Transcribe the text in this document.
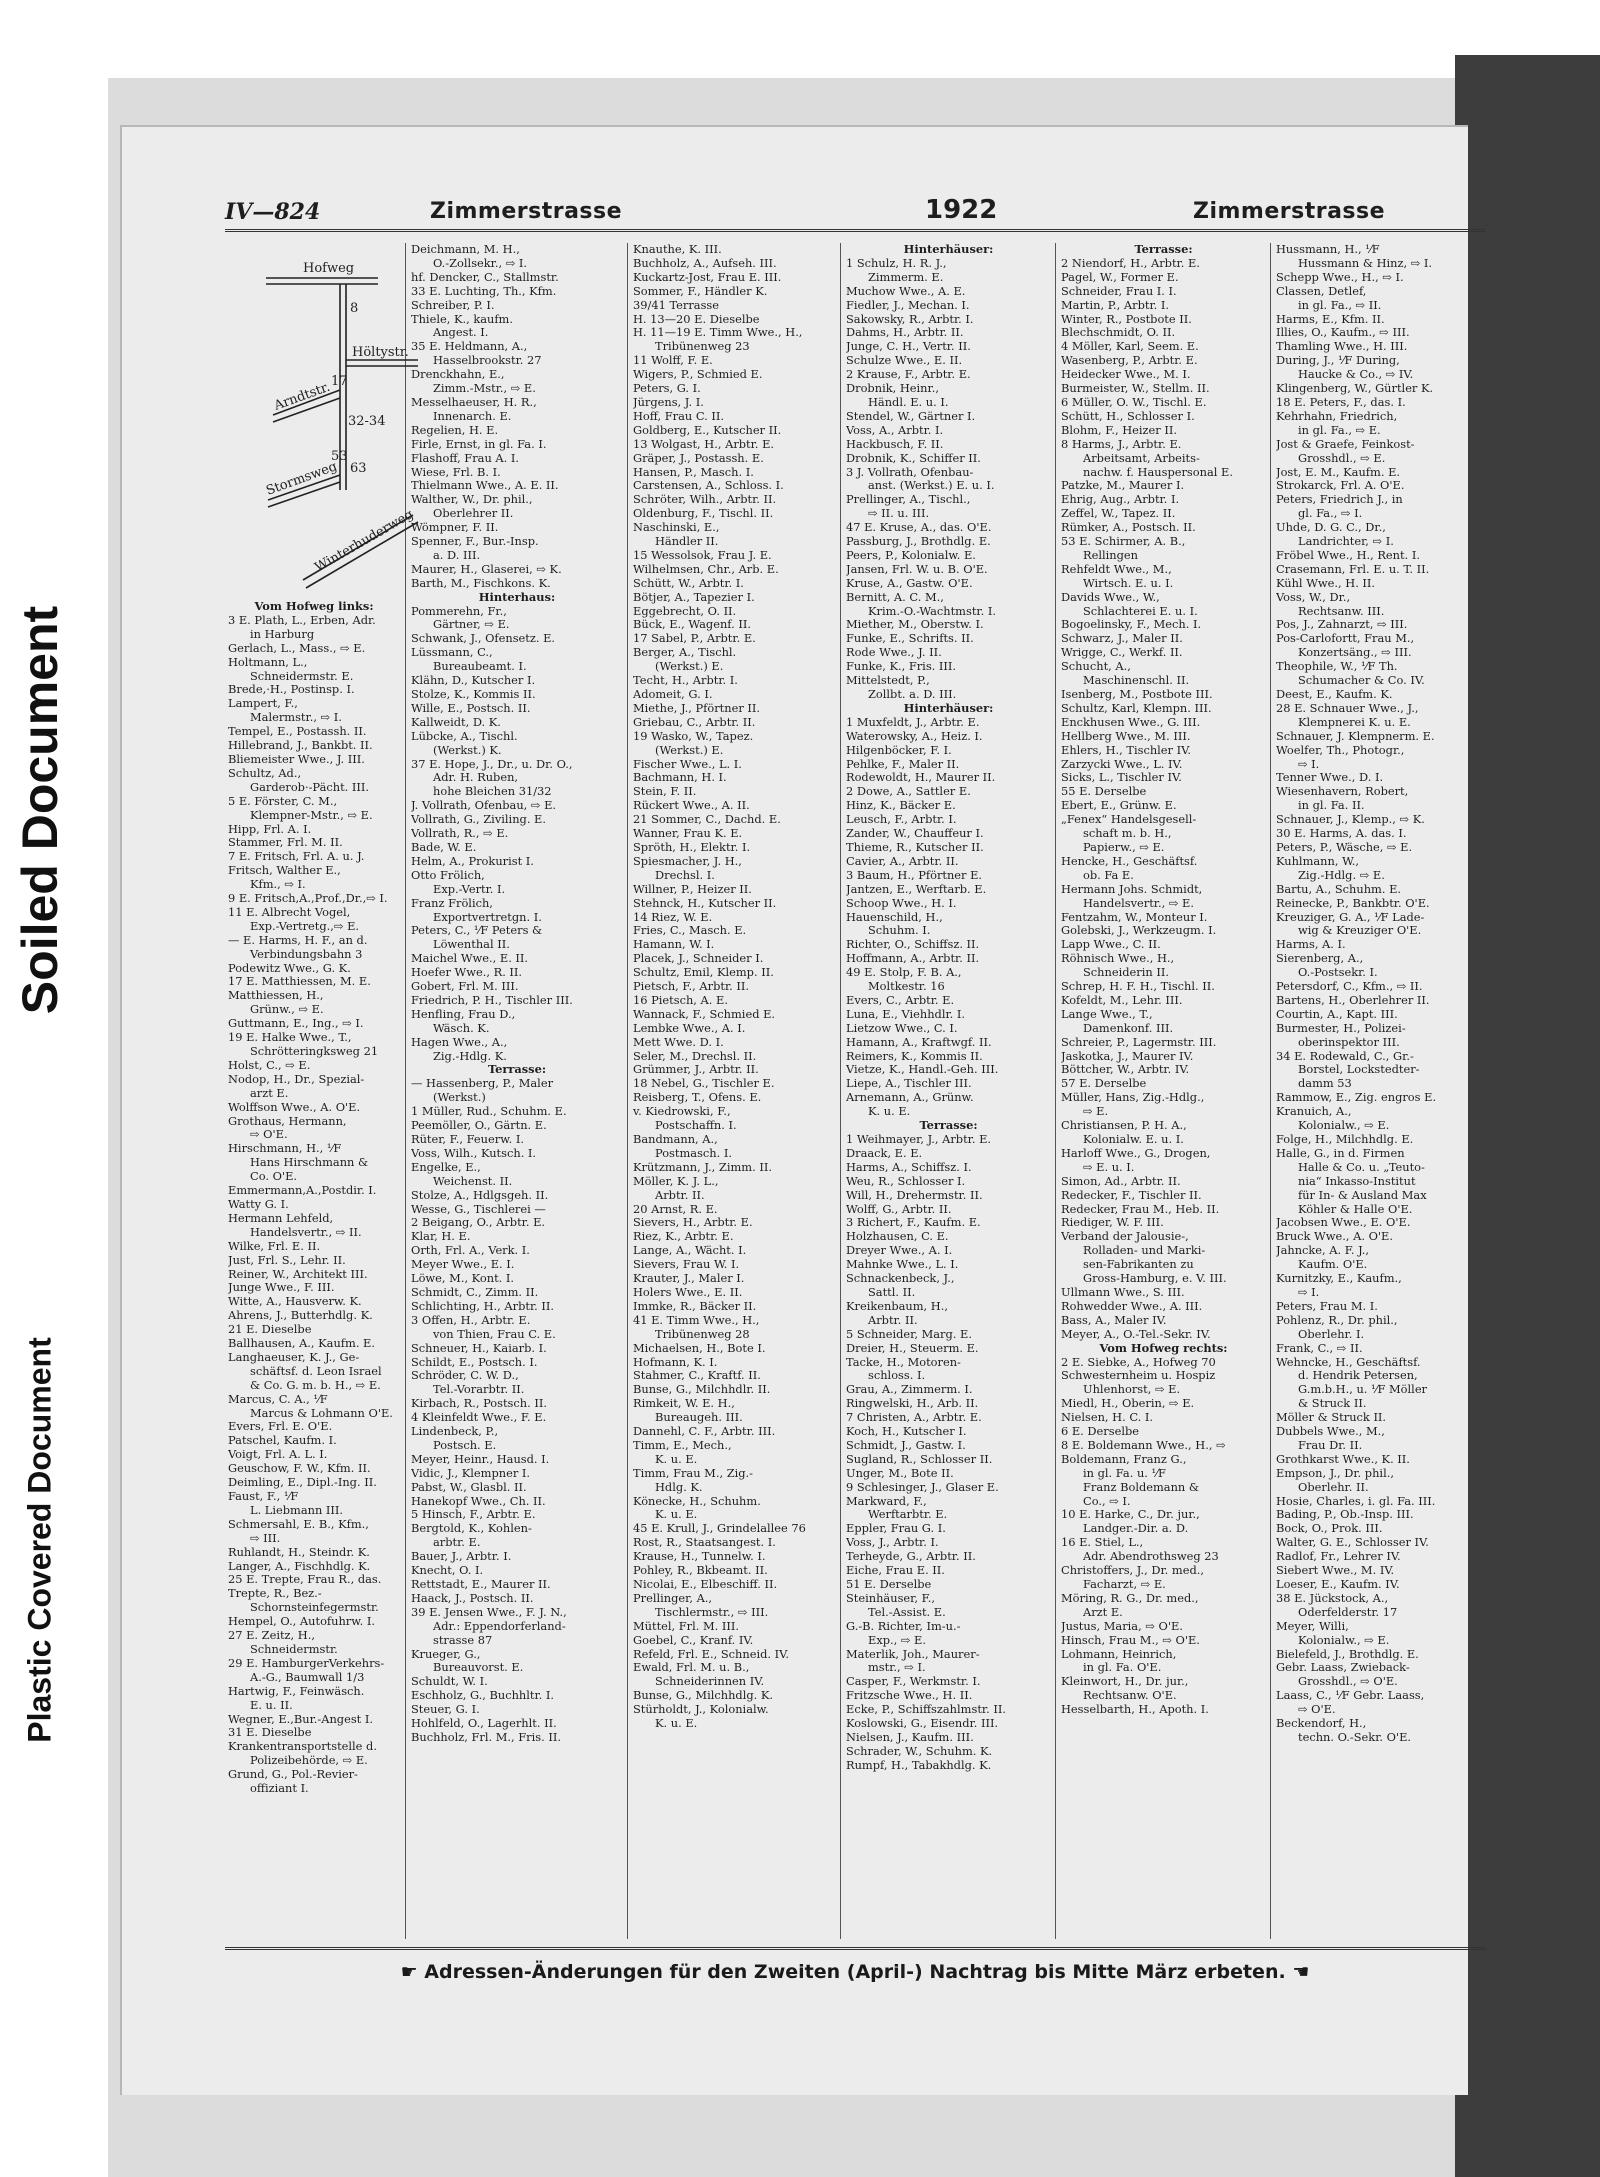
Soiled Document
Plastic Covered Document
IV—824	Zimmerstrasse	1922	Zimmerstrasse
Hofweg
Höltystr.
Arndtstr.
Stormsweg
Winterhuderweg
8
17
32-34
53
63
Vom Hofweg links:
3 E. Plath, L., Erben, Adr.
in Harburg
Gerlach, L., Mass., ⇨ E.
Holtmann, L.,
Schneidermstr. E.
Brede,·H., Postinsp. I.
Lampert, F.,
Malermstr., ⇨ I.
Tempel, E., Postassh. II.
Hillebrand, J., Bankbt. II.
Bliemeister Wwe., J. III.
Schultz, Ad.,
Garderob·-Pächt. III.
5 E. Förster, C. M.,
Klempner-Mstr., ⇨ E.
Hipp, Frl. A. I.
Stammer, Frl. M. II.
7 E. Fritsch, Frl. A. u. J.
Fritsch, Walther E.,
Kfm., ⇨ I.
9 E. Fritsch,A.,Prof.,Dr.,⇨ I.
11 E. Albrecht Vogel,
Exp.-Vertretg.,⇨ E.
— E. Harms, H. F., an d.
Verbindungsbahn 3
Podewitz Wwe., G. K.
17 E. Matthiessen, M. E.
Matthiessen, H.,
Grünw., ⇨ E.
Guttmann, E., Ing., ⇨ I.
19 E. Halke Wwe., T.,
Schrötteringksweg 21
Holst, C., ⇨ E.
Nodop, H., Dr., Spezial-
arzt E.
Wolffson Wwe., A. O'E.
Grothaus, Hermann,
⇨ O'E.
Hirschmann, H., ⅟F
Hans Hirschmann &
Co. O'E.
Emmermann,A.,Postdir. I.
Watty G. I.
Hermann Lehfeld,
Handelsvertr., ⇨ II.
Wilke, Frl. E. II.
Just, Frl. S., Lehr. II.
Reiner, W., Architekt III.
Junge Wwe., F. III.
Witte, A., Hausverw. K.
Ahrens, J., Butterhdlg. K.
21 E. Dieselbe
Ballhausen, A., Kaufm. E.
Langhaeuser, K. J., Ge-
schäftsf. d. Leon Israel
& Co. G. m. b. H., ⇨ E.
Marcus, C. A., ⅟F
Marcus & Lohmann O'E.
Evers, Frl. E. O'E.
Patschel, Kaufm. I.
Voigt, Frl. A. L. I.
Geuschow, F. W., Kfm. II.
Deimling, E., Dipl.-Ing. II.
Faust, F., ⅟F
L. Liebmann III.
Schmersahl, E. B., Kfm.,
⇨ III.
Ruhlandt, H., Steindr. K.
Langer, A., Fischhdlg. K.
25 E. Trepte, Frau R., das.
Trepte, R., Bez.-
Schornsteinfegermstr.
Hempel, O., Autofuhrw. I.
27 E. Zeitz, H.,
Schneidermstr.
29 E. HamburgerVerkehrs-
A.-G., Baumwall 1/3
Hartwig, F., Feinwäsch.
E. u. II.
Wegner, E.,Bur.-Angest I.
31 E. Dieselbe
Krankentransportstelle d.
Polizeibehörde, ⇨ E.
Grund, G., Pol.-Revier-
offiziant I.
Deichmann, M. H.,
O.-Zollsekr., ⇨ I.
hf. Dencker, C., Stallmstr.
33 E. Luchting, Th., Kfm.
Schreiber, P. I.
Thiele, K., kaufm.
Angest. I.
35 E. Heldmann, A.,
Hasselbrookstr. 27
Drenckhahn, E.,
Zimm.-Mstr., ⇨ E.
Messelhaeuser, H. R.,
Innenarch. E.
Regelien, H. E.
Firle, Ernst, in gl. Fa. I.
Flashoff, Frau A. I.
Wiese, Frl. B. I.
Thielmann Wwe., A. E. II.
Walther, W., Dr. phil.,
Oberlehrer II.
Wömpner, F. II.
Spenner, F., Bur.-Insp.
a. D. III.
Maurer, H., Glaserei, ⇨ K.
Barth, M., Fischkons. K.
Hinterhaus:
Pommerehn, Fr.,
Gärtner, ⇨ E.
Schwank, J., Ofensetz. E.
Lüssmann, C.,
Bureaubeamt. I.
Klähn, D., Kutscher I.
Stolze, K., Kommis II.
Wille, E., Postsch. II.
Kallweidt, D. K.
Lübcke, A., Tischl.
(Werkst.) K.
37 E. Hope, J., Dr., u. Dr. O.,
Adr. H. Ruben,
hohe Bleichen 31/32
J. Vollrath, Ofenbau, ⇨ E.
Vollrath, G., Ziviling. E.
Vollrath, R., ⇨ E.
Bade, W. E.
Helm, A., Prokurist I.
Otto Frölich,
Exp.-Vertr. I.
Franz Frölich,
Exportvertretgn. I.
Peters, C., ⅟F Peters &
Löwenthal II.
Maichel Wwe., E. II.
Hoefer Wwe., R. II.
Gobert, Frl. M. III.
Friedrich, P. H., Tischler III.
Henfling, Frau D.,
Wäsch. K.
Hagen Wwe., A.,
Zig.-Hdlg. K.
Terrasse:
— Hassenberg, P., Maler
(Werkst.)
1 Müller, Rud., Schuhm. E.
Peemöller, O., Gärtn. E.
Rüter, F., Feuerw. I.
Voss, Wilh., Kutsch. I.
Engelke, E.,
Weichenst. II.
Stolze, A., Hdlgsgeh. II.
Wesse, G., Tischlerei —
2 Beigang, O., Arbtr. E.
Klar, H. E.
Orth, Frl. A., Verk. I.
Meyer Wwe., E. I.
Löwe, M., Kont. I.
Schmidt, C., Zimm. II.
Schlichting, H., Arbtr. II.
3 Offen, H., Arbtr. E.
von Thien, Frau C. E.
Schneuer, H., Kaiarb. I.
Schildt, E., Postsch. I.
Schröder, C. W. D.,
Tel.-Vorarbtr. II.
Kirbach, R., Postsch. II.
4 Kleinfeldt Wwe., F. E.
Lindenbeck, P.,
Postsch. E.
Meyer, Heinr., Hausd. I.
Vidic, J., Klempner I.
Pabst, W., Glasbl. II.
Hanekopf Wwe., Ch. II.
5 Hinsch, F., Arbtr. E.
Bergtold, K., Kohlen-
arbtr. E.
Bauer, J., Arbtr. I.
Knecht, O. I.
Rettstadt, E., Maurer II.
Haack, J., Postsch. II.
39 E. Jensen Wwe., F. J. N.,
Adr.: Eppendorferland-
strasse 87
Krueger, G.,
Bureauvorst. E.
Schuldt, W. I.
Eschholz, G., Buchhltr. I.
Steuer, G. I.
Hohlfeld, O., Lagerhlt. II.
Buchholz, Frl. M., Fris. II.
Knauthe, K. III.
Buchholz, A., Aufseh. III.
Kuckartz-Jost, Frau E. III.
Sommer, F., Händler K.
39/41 Terrasse
H. 13—20 E. Dieselbe
H. 11—19 E. Timm Wwe., H.,
Tribünenweg 23
11 Wolff, F. E.
Wigers, P., Schmied E.
Peters, G. I.
Jürgens, J. I.
Hoff, Frau C. II.
Goldberg, E., Kutscher II.
13 Wolgast, H., Arbtr. E.
Gräper, J., Postassh. E.
Hansen, P., Masch. I.
Carstensen, A., Schloss. I.
Schröter, Wilh., Arbtr. II.
Oldenburg, F., Tischl. II.
Naschinski, E.,
Händler II.
15 Wessolsok, Frau J. E.
Wilhelmsen, Chr., Arb. E.
Schütt, W., Arbtr. I.
Bötjer, A., Tapezier I.
Eggebrecht, O. II.
Bück, E., Wagenf. II.
17 Sabel, P., Arbtr. E.
Berger, A., Tischl.
(Werkst.) E.
Techt, H., Arbtr. I.
Adomeit, G. I.
Miethe, J., Pförtner II.
Griebau, C., Arbtr. II.
19 Wasko, W., Tapez.
(Werkst.) E.
Fischer Wwe., L. I.
Bachmann, H. I.
Stein, F. II.
Rückert Wwe., A. II.
21 Sommer, C., Dachd. E.
Wanner, Frau K. E.
Spröth, H., Elektr. I.
Spiesmacher, J. H.,
Drechsl. I.
Willner, P., Heizer II.
Stehnck, H., Kutscher II.
14 Riez, W. E.
Fries, C., Masch. E.
Hamann, W. I.
Placek, J., Schneider I.
Schultz, Emil, Klemp. II.
Pietsch, F., Arbtr. II.
16 Pietsch, A. E.
Wannack, F., Schmied E.
Lembke Wwe., A. I.
Mett Wwe. D. I.
Seler, M., Drechsl. II.
Grümmer, J., Arbtr. II.
18 Nebel, G., Tischler E.
Reisberg, T., Ofens. E.
v. Kiedrowski, F.,
Postschaffn. I.
Bandmann, A.,
Postmasch. I.
Krützmann, J., Zimm. II.
Möller, K. J. L.,
Arbtr. II.
20 Arnst, R. E.
Sievers, H., Arbtr. E.
Riez, K., Arbtr. E.
Lange, A., Wächt. I.
Sievers, Frau W. I.
Krauter, J., Maler I.
Holers Wwe., E. II.
Immke, R., Bäcker II.
41 E. Timm Wwe., H.,
Tribünenweg 28
Michaelsen, H., Bote I.
Hofmann, K. I.
Stahmer, C., Kraftf. II.
Bunse, G., Milchhdlr. II.
Rimkeit, W. E. H.,
Bureaugeh. III.
Dannehl, C. F., Arbtr. III.
Timm, E., Mech.,
K. u. E.
Timm, Frau M., Zig.-
Hdlg. K.
Könecke, H., Schuhm.
K. u. E.
45 E. Krull, J., Grindelallee 76
Rost, R., Staatsangest. I.
Krause, H., Tunnelw. I.
Pohley, R., Bkbeamt. II.
Nicolai, E., Elbeschiff. II.
Prellinger, A.,
Tischlermstr., ⇨ III.
Müttel, Frl. M. III.
Goebel, C., Kranf. IV.
Refeld, Frl. E., Schneid. IV.
Ewald, Frl. M. u. B.,
Schneiderinnen IV.
Bunse, G., Milchhdlg. K.
Stürholdt, J., Kolonialw.
K. u. E.
Hinterhäuser:
1 Schulz, H. R. J.,
Zimmerm. E.
Muchow Wwe., A. E.
Fiedler, J., Mechan. I.
Sakowsky, R., Arbtr. I.
Dahms, H., Arbtr. II.
Junge, C. H., Vertr. II.
Schulze Wwe., E. II.
2 Krause, F., Arbtr. E.
Drobnik, Heinr.,
Händl. E. u. I.
Stendel, W., Gärtner I.
Voss, A., Arbtr. I.
Hackbusch, F. II.
Drobnik, K., Schiffer II.
3 J. Vollrath, Ofenbau-
anst. (Werkst.) E. u. I.
Prellinger, A., Tischl.,
⇨ II. u. III.
47 E. Kruse, A., das. O'E.
Passburg, J., Brothdlg. E.
Peers, P., Kolonialw. E.
Jansen, Frl. W. u. B. O'E.
Kruse, A., Gastw. O'E.
Bernitt, A. C. M.,
Krim.-O.-Wachtmstr. I.
Miether, M., Oberstw. I.
Funke, E., Schrifts. II.
Rode Wwe., J. II.
Funke, K., Fris. III.
Mittelstedt, P.,
Zollbt. a. D. III.
Hinterhäuser:
1 Muxfeldt, J., Arbtr. E.
Waterowsky, A., Heiz. I.
Hilgenböcker, F. I.
Pehlke, F., Maler II.
Rodewoldt, H., Maurer II.
2 Dowe, A., Sattler E.
Hinz, K., Bäcker E.
Leusch, F., Arbtr. I.
Zander, W., Chauffeur I.
Thieme, R., Kutscher II.
Cavier, A., Arbtr. II.
3 Baum, H., Pförtner E.
Jantzen, E., Werftarb. E.
Schoop Wwe., H. I.
Hauenschild, H.,
Schuhm. I.
Richter, O., Schiffsz. II.
Hoffmann, A., Arbtr. II.
49 E. Stolp, F. B. A.,
Moltkestr. 16
Evers, C., Arbtr. E.
Luna, E., Viehhdlr. I.
Lietzow Wwe., C. I.
Hamann, A., Kraftwgf. II.
Reimers, K., Kommis II.
Vietze, K., Handl.-Geh. III.
Liepe, A., Tischler III.
Arnemann, A., Grünw.
K. u. E.
Terrasse:
1 Weihmayer, J., Arbtr. E.
Draack, E. E.
Harms, A., Schiffsz. I.
Weu, R., Schlosser I.
Will, H., Drehermstr. II.
Wolff, G., Arbtr. II.
3 Richert, F., Kaufm. E.
Holzhausen, C. E.
Dreyer Wwe., A. I.
Mahnke Wwe., L. I.
Schnackenbeck, J.,
Sattl. II.
Kreikenbaum, H.,
Arbtr. II.
5 Schneider, Marg. E.
Dreier, H., Steuerm. E.
Tacke, H., Motoren-
schloss. I.
Grau, A., Zimmerm. I.
Ringwelski, H., Arb. II.
7 Christen, A., Arbtr. E.
Koch, H., Kutscher I.
Schmidt, J., Gastw. I.
Sugland, R., Schlosser II.
Unger, M., Bote II.
9 Schlesinger, J., Glaser E.
Markward, F.,
Werftarbtr. E.
Eppler, Frau G. I.
Voss, J., Arbtr. I.
Terheyde, G., Arbtr. II.
Eiche, Frau E. II.
51 E. Derselbe
Steinhäuser, F.,
Tel.-Assist. E.
G.-B. Richter, Im-u.-
Exp., ⇨ E.
Materlik, Joh., Maurer-
mstr., ⇨ I.
Casper, F., Werkmstr. I.
Fritzsche Wwe., H. II.
Ecke, P., Schiffszahlmstr. II.
Koslowski, G., Eisendr. III.
Nielsen, J., Kaufm. III.
Schrader, W., Schuhm. K.
Rumpf, H., Tabakhdlg. K.
Terrasse:
2 Niendorf, H., Arbtr. E.
Pagel, W., Former E.
Schneider, Frau I. I.
Martin, P., Arbtr. I.
Winter, R., Postbote II.
Blechschmidt, O. II.
4 Möller, Karl, Seem. E.
Wasenberg, P., Arbtr. E.
Heidecker Wwe., M. I.
Burmeister, W., Stellm. II.
6 Müller, O. W., Tischl. E.
Schütt, H., Schlosser I.
Blohm, F., Heizer II.
8 Harms, J., Arbtr. E.
Arbeitsamt, Arbeits-
nachw. f. Hauspersonal E.
Patzke, M., Maurer I.
Ehrig, Aug., Arbtr. I.
Zeffel, W., Tapez. II.
Rümker, A., Postsch. II.
53 E. Schirmer, A. B.,
Rellingen
Rehfeldt Wwe., M.,
Wirtsch. E. u. I.
Davids Wwe., W.,
Schlachterei E. u. I.
Bogoelinsky, F., Mech. I.
Schwarz, J., Maler II.
Wrigge, C., Werkf. II.
Schucht, A.,
Maschinenschl. II.
Isenberg, M., Postbote III.
Schultz, Karl, Klempn. III.
Enckhusen Wwe., G. III.
Hellberg Wwe., M. III.
Ehlers, H., Tischler IV.
Zarzycki Wwe., L. IV.
Sicks, L., Tischler IV.
55 E. Derselbe
Ebert, E., Grünw. E.
„Fenex“ Handelsgesell-
schaft m. b. H.,
Papierw., ⇨ E.
Hencke, H., Geschäftsf.
ob. Fa E.
Hermann Johs. Schmidt,
Handelsvertr., ⇨ E.
Fentzahm, W., Monteur I.
Golebski, J., Werkzeugm. I.
Lapp Wwe., C. II.
Röhnisch Wwe., H.,
Schneiderin II.
Schrep, H. F. H., Tischl. II.
Kofeldt, M., Lehr. III.
Lange Wwe., T.,
Damenkonf. III.
Schreier, P., Lagermstr. III.
Jaskotka, J., Maurer IV.
Böttcher, W., Arbtr. IV.
57 E. Derselbe
Müller, Hans, Zig.-Hdlg.,
⇨ E.
Christiansen, P. H. A.,
Kolonialw. E. u. I.
Harloff Wwe., G., Drogen,
⇨ E. u. I.
Simon, Ad., Arbtr. II.
Redecker, F., Tischler II.
Redecker, Frau M., Heb. II.
Riediger, W. F. III.
Verband der Jalousie-,
Rolladen- und Marki-
sen-Fabrikanten zu
Gross-Hamburg, e. V. III.
Ullmann Wwe., S. III.
Rohwedder Wwe., A. III.
Bass, A., Maler IV.
Meyer, A., O.-Tel.-Sekr. IV.
Vom Hofweg rechts:
2 E. Siebke, A., Hofweg 70
Schwesternheim u. Hospiz
Uhlenhorst, ⇨ E.
Miedl, H., Oberin, ⇨ E.
Nielsen, H. C. I.
6 E. Derselbe
8 E. Boldemann Wwe., H., ⇨
Boldemann, Franz G.,
in gl. Fa. u. ⅟F
Franz Boldemann &
Co., ⇨ I.
10 E. Harke, C., Dr. jur.,
Landger.-Dir. a. D.
16 E. Stiel, L.,
Adr. Abendrothsweg 23
Christoffers, J., Dr. med.,
Facharzt, ⇨ E.
Möring, R. G., Dr. med.,
Arzt E.
Justus, Maria, ⇨ O'E.
Hinsch, Frau M., ⇨ O'E.
Lohmann, Heinrich,
in gl. Fa. O'E.
Kleinwort, H., Dr. jur.,
Rechtsanw. O'E.
Hesselbarth, H., Apoth. I.
Hussmann, H., ⅟F
Hussmann & Hinz, ⇨ I.
Schepp Wwe., H., ⇨ I.
Classen, Detlef,
in gl. Fa., ⇨ II.
Harms, E., Kfm. II.
Illies, O., Kaufm., ⇨ III.
Thamling Wwe., H. III.
During, J., ⅟F During,
Haucke & Co., ⇨ IV.
Klingenberg, W., Gürtler K.
18 E. Peters, F., das. I.
Kehrhahn, Friedrich,
in gl. Fa., ⇨ E.
Jost & Graefe, Feinkost-
Grosshdl., ⇨ E.
Jost, E. M., Kaufm. E.
Strokarck, Frl. A. O'E.
Peters, Friedrich J., in
gl. Fa., ⇨ I.
Uhde, D. G. C., Dr.,
Landrichter, ⇨ I.
Fröbel Wwe., H., Rent. I.
Crasemann, Frl. E. u. T. II.
Kühl Wwe., H. II.
Voss, W., Dr.,
Rechtsanw. III.
Pos, J., Zahnarzt, ⇨ III.
Pos-Carlofortt, Frau M.,
Konzertsäng., ⇨ III.
Theophile, W., ⅟F Th.
Schumacher & Co. IV.
Deest, E., Kaufm. K.
28 E. Schnauer Wwe., J.,
Klempnerei K. u. E.
Schnauer, J. Klempnerm. E.
Woelfer, Th., Photogr.,
⇨ I.
Tenner Wwe., D. I.
Wiesenhavern, Robert,
in gl. Fa. II.
Schnauer, J., Klemp., ⇨ K.
30 E. Harms, A. das. I.
Peters, P., Wäsche, ⇨ E.
Kuhlmann, W.,
Zig.-Hdlg. ⇨ E.
Bartu, A., Schuhm. E.
Reinecke, P., Bankbtr. O'E.
Kreuziger, G. A., ⅟F Lade-
wig & Kreuziger O'E.
Harms, A. I.
Sierenberg, A.,
O.-Postsekr. I.
Petersdorf, C., Kfm., ⇨ II.
Bartens, H., Oberlehrer II.
Courtin, A., Kapt. III.
Burmester, H., Polizei-
oberinspektor III.
34 E. Rodewald, C., Gr.-
Borstel, Lockstedter-
damm 53
Rammow, E., Zig. engros E.
Kranuich, A.,
Kolonialw., ⇨ E.
Folge, H., Milchhdlg. E.
Halle, G., in d. Firmen
Halle & Co. u. „Teuto-
nia“ Inkasso-Institut
für In- & Ausland Max
Köhler & Halle O'E.
Jacobsen Wwe., E. O'E.
Bruck Wwe., A. O'E.
Jahncke, A. F. J.,
Kaufm. O'E.
Kurnitzky, E., Kaufm.,
⇨ I.
Peters, Frau M. I.
Pohlenz, R., Dr. phil.,
Oberlehr. I.
Frank, C., ⇨ II.
Wehncke, H., Geschäftsf.
d. Hendrik Petersen,
G.m.b.H., u. ⅟F Möller
& Struck II.
Möller & Struck II.
Dubbels Wwe., M.,
Frau Dr. II.
Grothkarst Wwe., K. II.
Empson, J., Dr. phil.,
Oberlehr. II.
Hosie, Charles, i. gl. Fa. III.
Bading, P., Ob.-Insp. III.
Bock, O., Prok. III.
Walter, G. E., Schlosser IV.
Radlof, Fr., Lehrer IV.
Siebert Wwe., M. IV.
Loeser, E., Kaufm. IV.
38 E. Jückstock, A.,
Oderfelderstr. 17
Meyer, Willi,
Kolonialw., ⇨ E.
Bielefeld, J., Brothdlg. E.
Gebr. Laass, Zwieback-
Grosshdl., ⇨ O'E.
Laass, C., ⅟F Gebr. Laass,
⇨ O'E.
Beckendorf, H.,
techn. O.-Sekr. O'E.
☛ Adressen-Änderungen für den Zweiten (April-) Nachtrag bis Mitte März erbeten. ☚
